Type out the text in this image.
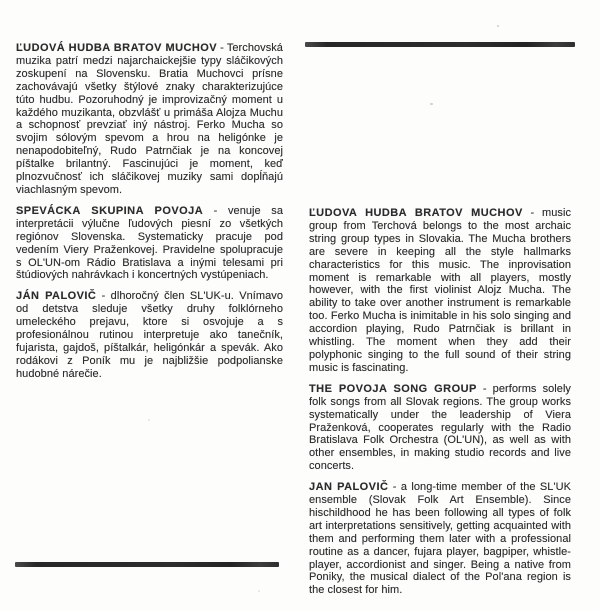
ĽUDOVÁ HUDBA BRATOV MUCHOV - Terchovská muzika patrí medzi najarchaickejšie typy sláčikových zoskupení na Slovensku. Bratia Muchovci prísne zachovávajú všetky štýlové znaky charakterizujúce túto hudbu. Pozoruhodný je improvizačný moment u každého muzikanta, obzvlášť u primáša Alojza Muchu a schopnosť prevziať iný nástroj. Ferko Mucha so svojim sólovým spevom a hrou na heligónke je nenapodobiteľný, Rudo Patrnčiak je na koncovej píštalke brilantný. Fascinujúci je moment, keď plnozvučnosť ich sláčikovej muziky sami dopĺňajú viachlasným spevom.

SPEVÁCKA SKUPINA POVOJA - venuje sa interpretácii výlučne ľudových piesní zo všetkých regiónov Slovenska. Systematicky pracuje pod vedením Viery Praženkovej. Pravidelne spolupracuje s OL'UN-om Rádio Bratislava a inými telesami pri štúdiových nahrávkach i koncertných vystúpeniach.

JÁN PALOVIČ - dlhoročný člen SL'UK-u. Vnímavo od detstva sleduje všetky druhy folklórneho umeleckého prejavu, ktore si osvojuje a s profesionálnou rutinou interpretuje ako tanečník, fujarista, gajdoš, píštalkár, heligónkár a spevák. Ako rodákovi z Poník mu je najbližšie podpolianske hudobné nárečie.

ĽUDOVA HUDBA BRATOV MUCHOV - music group from Terchová belongs to the most archaic string group types in Slovakia. The Mucha brothers are severe in keeping all the style hallmarks characteristics for this music. The inprovisation moment is remarkable with all players, mostly however, with the first violinist Alojz Mucha. The ability to take over another instrument is remarkable too. Ferko Mucha is inimitable in his solo singing and accordion playing, Rudo Patrnčiak is brillant in whistling. The moment when they add their polyphonic singing to the full sound of their string music is fascinating.

THE POVOJA SONG GROUP - performs solely folk songs from all Slovak regions. The group works systematically under the leadership of Viera Praženková, cooperates regularly with the Radio Bratislava Folk Orchestra (OL'UN), as well as with other ensembles, in making studio records and live concerts.

JAN PALOVIČ - a long-time member of the SL'UK ensemble (Slovak Folk Art Ensemble). Since hischildhood he has been following all types of folk art interpretations sensitively, getting acquainted with them and performing them later with a professional routine as a dancer, fujara player, bagpiper, whistle-player, accordionist and singer. Being a native from Poniky, the musical dialect of the Pol'ana region is the closest for him.
